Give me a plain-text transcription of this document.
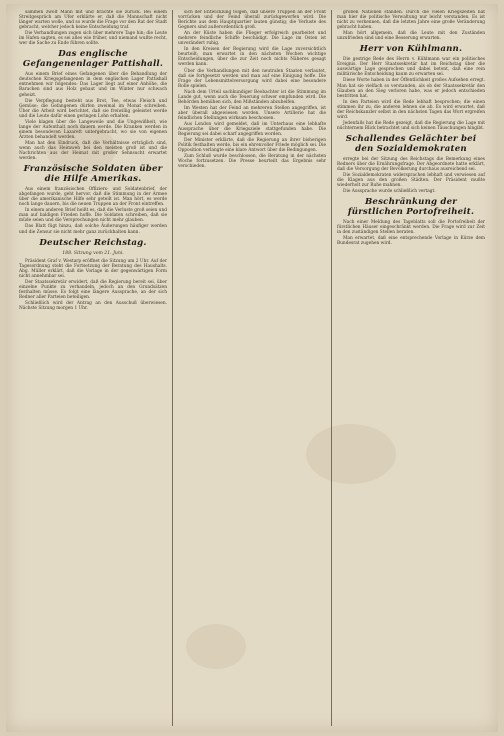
sammen zwölf Mann mit und brachte sie zurück. Bei einem Streitgespräch am Ufer erklärte er, daß die Mannschaft nicht länger warten wolle, und so wurde die Frage vor den Rat der Stadt gebracht, welcher jedoch keine Entscheidung traf.

Die Verhandlungen zogen sich über mehrere Tage hin; die Leute im Hafen sagten, es sei alles wie früher, und niemand wußte recht, wer die Sache zu Ende führen sollte.

Das englische Gefangenenlager Pattishall.

Aus einem Brief eines Gefangenen über die Behandlung der deutschen Kriegsgefangenen in dem englischen Lager Pattishall entnehmen wir folgendes: Das Lager liegt auf einer Anhöhe, die Baracken sind aus Holz gebaut und im Winter nur schwach geheizt.

Die Verpflegung besteht aus Brot, Tee, etwas Fleisch und Gemüse; die Gefangenen dürfen zweimal im Monat schreiben. Über die Arbeit wird berichtet, daß sie freiwillig geleistet werde und die Leute dafür einen geringen Lohn erhalten.

Viele klagen über die Langeweile und die Ungewißheit, wie lange der Aufenthalt noch dauern werde. Die Kranken werden in einem besonderen Lazarett untergebracht, wo sie von eigenen Ärzten behandelt werden.

Man hat den Eindruck, daß die Verhältnisse erträglich sind, wenn auch das Heimweh bei den meisten groß ist und die Nachrichten aus der Heimat mit großer Sehnsucht erwartet werden.

Französische Soldaten über die Hilfe Amerikas.

Aus einem französischen Offiziers- und Soldatenbrief, der abgefangen wurde, geht hervor, daß die Stimmung in der Armee über die amerikanische Hilfe sehr geteilt ist. Man hört, es werde noch lange dauern, bis die neuen Truppen an der Front eintreffen.

In einem anderen Brief heißt es, daß die Verluste groß seien und man auf baldigen Frieden hoffe. Die Soldaten schreiben, daß sie müde seien und die Versprechungen nicht mehr glauben.

Das Blatt fügt hinzu, daß solche Äußerungen häufiger werden und die Zensur sie nicht mehr ganz zurückhalten kann.

Deutscher Reichstag.
188. Sitzung vom 21. Juni.

Präsident Graf v. Westarp eröffnet die Sitzung um 2 Uhr. Auf der Tagesordnung steht die Fortsetzung der Beratung des Haushalts. Abg. Müller erklärt, daß die Vorlage in der gegenwärtigen Form nicht annehmbar sei.

Der Staatssekretär erwidert, daß die Regierung bereit sei, über einzelne Punkte zu verhandeln, jedoch an den Grundsätzen festhalten müsse. Es folgt eine längere Aussprache, an der sich Redner aller Parteien beteiligen.

Schließlich wird der Antrag an den Ausschuß überwiesen. Nächste Sitzung morgen 1 Uhr.

sich der Entwicklung folgen, daß unsere Truppen an der Front vorrücken und der Feind überall zurückgeworfen wird. Die Berichte aus dem Hauptquartier lauten günstig; die Verluste des Gegners sind außerordentlich groß.

An der Küste haben die Flieger erfolgreich gearbeitet und mehrere feindliche Schiffe beschädigt. Die Lage im Osten ist unverändert ruhig.

In den Kreisen der Regierung wird die Lage zuversichtlich beurteilt; man erwartet in den nächsten Wochen wichtige Entscheidungen, über die zur Zeit noch nichts Näheres gesagt werden kann.

Über die Verhandlungen mit den neutralen Staaten verlautet, daß sie fortgesetzt werden und man auf eine Einigung hoffe. Die Frage der Lebensmittelversorgung wird dabei eine besondere Rolle spielen.

Nach dem Urteil sachkundiger Beobachter ist die Stimmung im Lande gut, wenn auch die Teuerung schwer empfunden wird. Die Behörden bemühen sich, den Mißständen abzuhelfen.

Im Westen hat der Feind an mehreren Stellen angegriffen, ist aber überall abgewiesen worden. Unsere Artillerie hat die feindlichen Stellungen wirksam beschossen.

Aus London wird gemeldet, daß im Unterhaus eine lebhafte Aussprache über die Kriegsziele stattgefunden habe. Die Regierung sei dabei scharf angegriffen worden.

Der Minister erklärte, daß die Regierung an ihrer bisherigen Politik festhalten werde, bis ein ehrenvoller Friede möglich sei. Die Opposition verlangte eine klare Antwort über die Bedingungen.

Zum Schluß wurde beschlossen, die Beratung in der nächsten Woche fortzusetzen. Die Presse beurteilt das Ergebnis sehr verschieden.

großen Nationen standen. Durch die vielen Kriegszeiten hat man hier die politische Verwaltung nur leicht verstanden. Es ist nicht zu verkennen, daß die letzten Jahre eine große Veränderung gebracht haben.

Man hört allgemein, daß die Leute mit den Zuständen unzufrieden sind und eine Besserung erwarten.

Herr von Kühlmann.

Die gestrige Rede des Herrn v. Kühlmann war ein politisches Ereignis. Der Herr Staatssekretär hat im Reichstag über die auswärtige Lage gesprochen und dabei betont, daß eine rein militärische Entscheidung kaum zu erwarten sei.

Diese Worte haben in der Öffentlichkeit großes Aufsehen erregt. Man hat sie vielfach so verstanden, als ob der Staatssekretär den Glauben an den Sieg verloren habe, was er jedoch entschieden bestritten hat.

In den Parteien wird die Rede lebhaft besprochen; die einen stimmen ihr zu, die anderen lehnen sie ab. Es wird erwartet, daß der Reichskanzler selbst in den nächsten Tagen das Wort ergreifen wird.

Jedenfalls hat die Rede gezeigt, daß die Regierung die Lage mit nüchternem Blick betrachtet und sich keinen Täuschungen hingibt.

Schallendes Gelächter bei den Sozialdemokraten

erregte bei der Sitzung des Reichstags die Bemerkung eines Redners über die Ernährungsfrage. Der Abgeordnete hatte erklärt, daß die Versorgung der Bevölkerung durchaus ausreichend sei.

Die Sozialdemokraten widersprachen lebhaft und verwiesen auf die Klagen aus den großen Städten. Der Präsident mußte wiederholt zur Ruhe mahnen.

Die Aussprache wurde schließlich vertagt.

Beschränkung der fürstlichen Portofreiheit.

Nach einer Meldung des Tageblatts soll die Portofreiheit der fürstlichen Häuser eingeschränkt werden. Die Frage wird zur Zeit in den zuständigen Stellen beraten.

Man erwartet, daß eine entsprechende Vorlage in Kürze dem Bundesrat zugehen wird.
